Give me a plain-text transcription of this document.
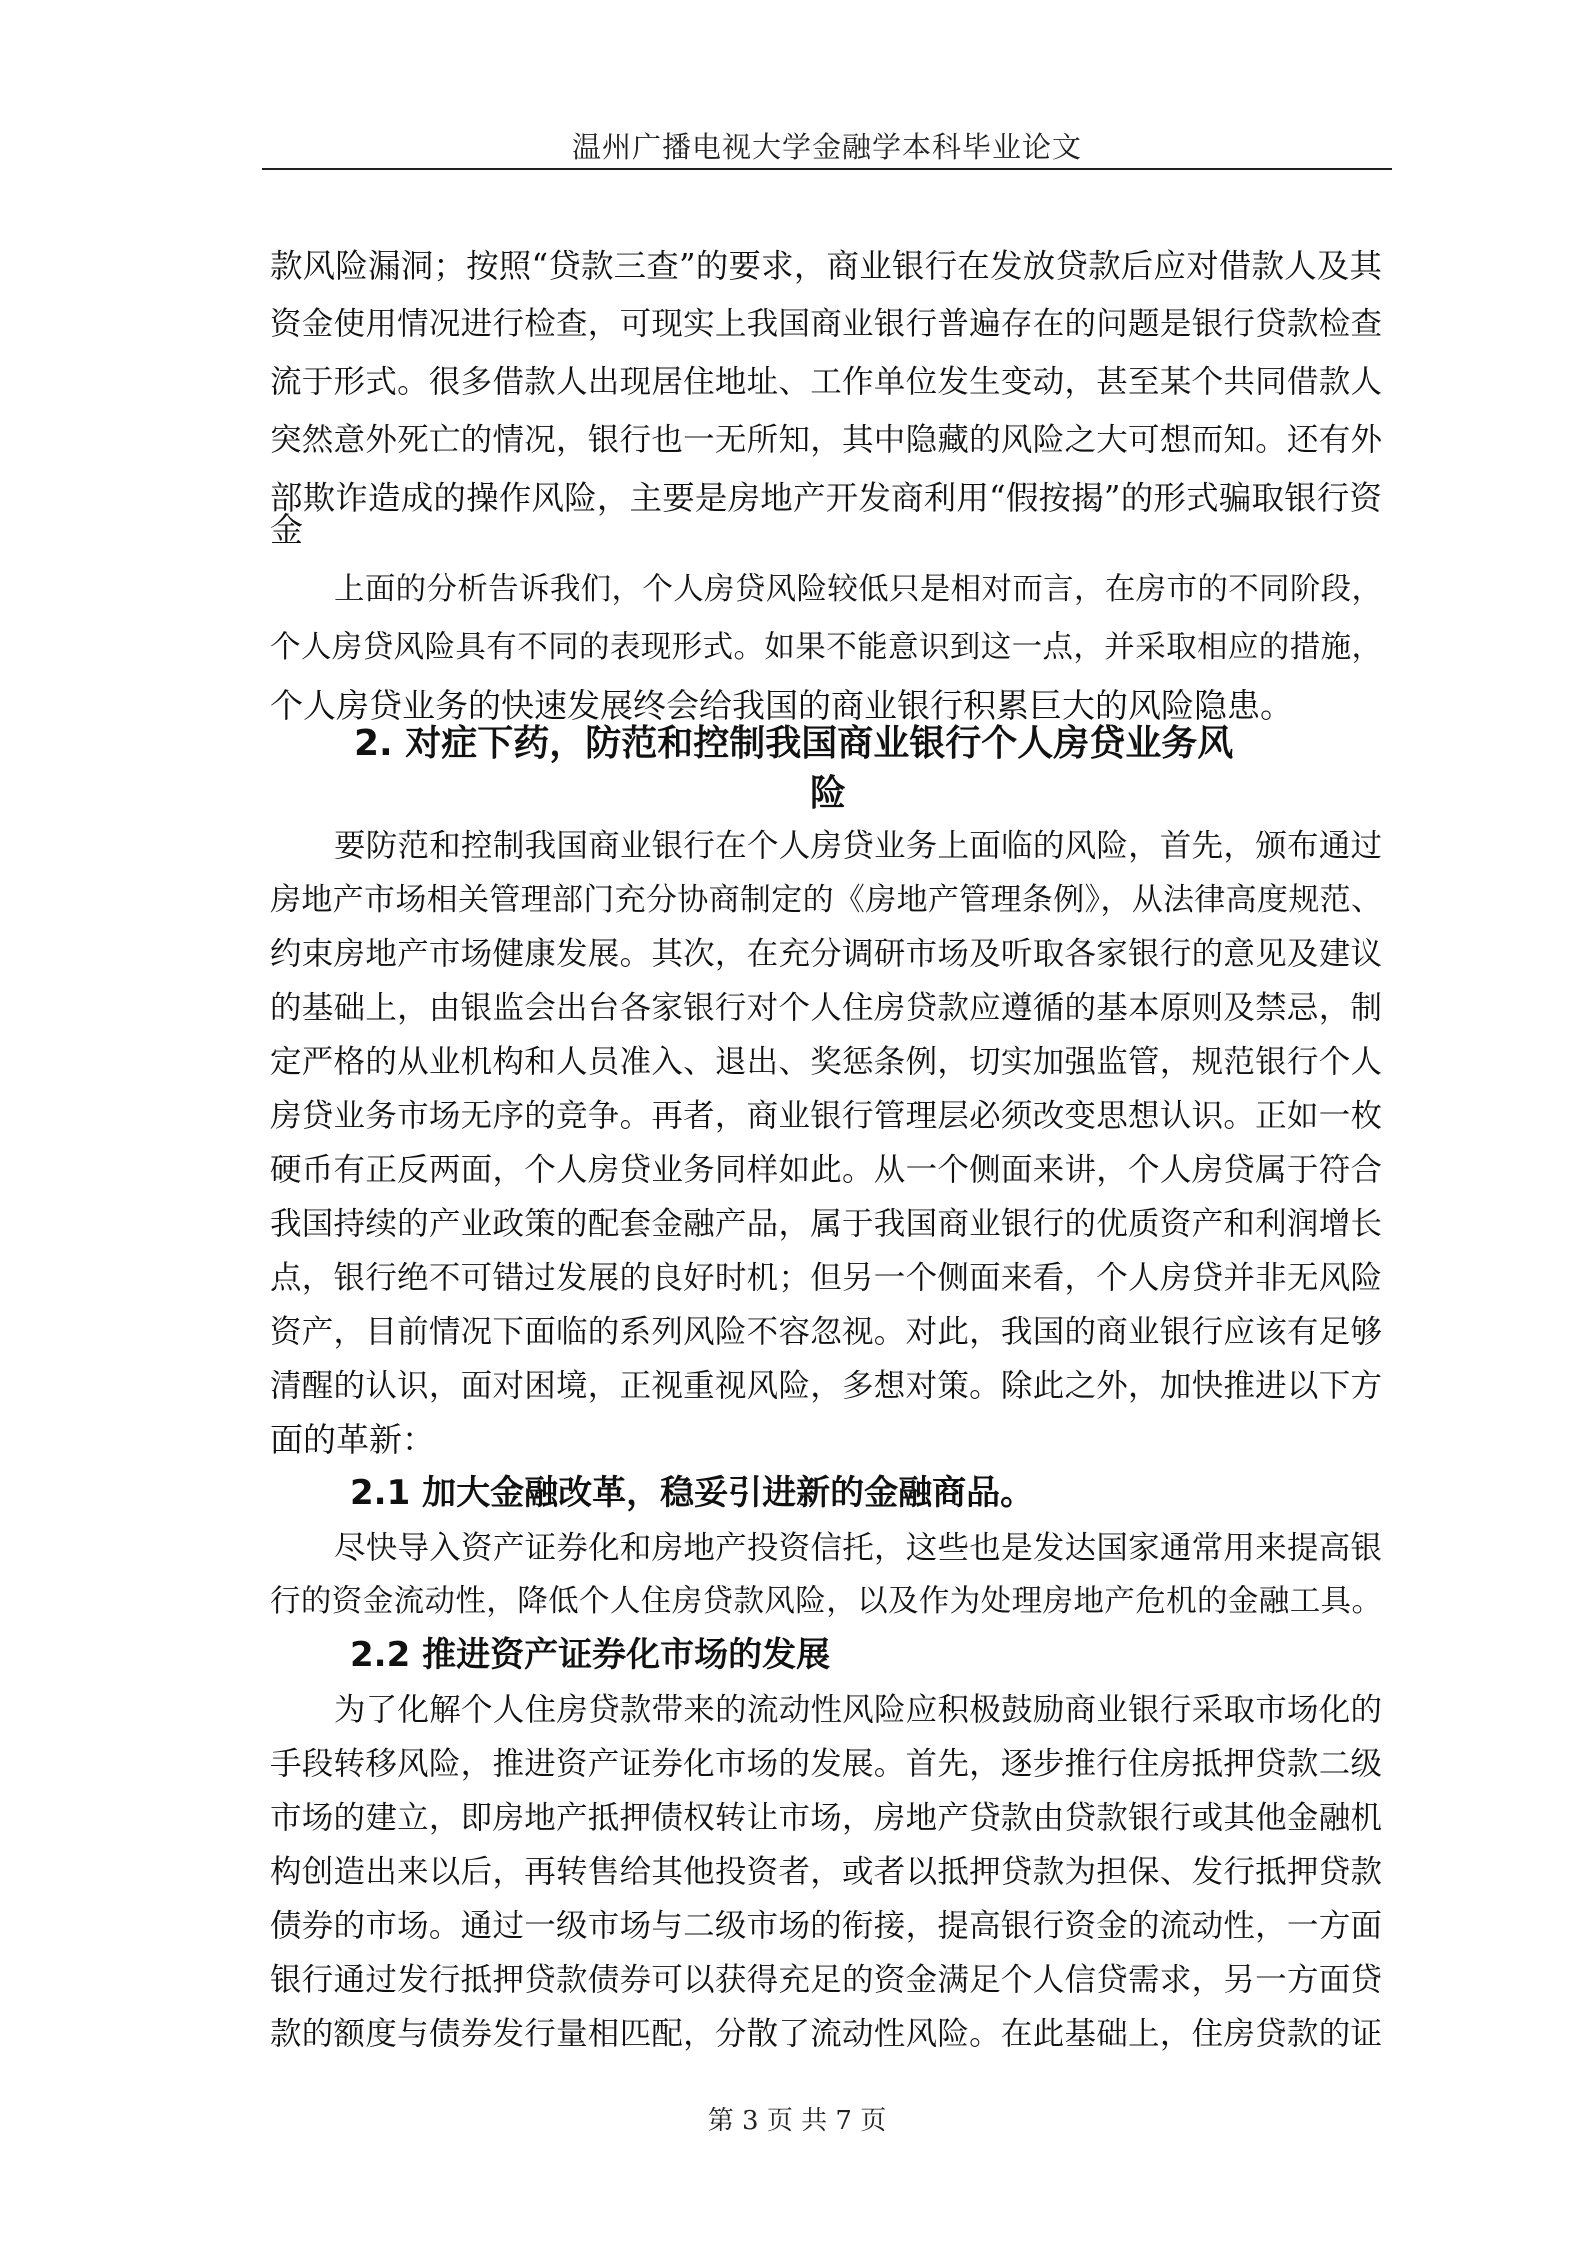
温州广播电视大学金融学本科毕业论文
款风险漏洞；按照“贷款三查”的要求，商业银行在发放贷款后应对借款人及其
资金使用情况进行检查，可现实上我国商业银行普遍存在的问题是银行贷款检查
流于形式。很多借款人出现居住地址、工作单位发生变动，甚至某个共同借款人
突然意外死亡的情况，银行也一无所知，其中隐藏的风险之大可想而知。还有外
部欺诈造成的操作风险，主要是房地产开发商利用“假按揭”的形式骗取银行资
金
上面的分析告诉我们，个人房贷风险较低只是相对而言，在房市的不同阶段，
个人房贷风险具有不同的表现形式。如果不能意识到这一点，并采取相应的措施，
个人房贷业务的快速发展终会给我国的商业银行积累巨大的风险隐患。
2. 对症下药，防范和控制我国商业银行个人房贷业务风
险
要防范和控制我国商业银行在个人房贷业务上面临的风险，首先，颁布通过
房地产市场相关管理部门充分协商制定的《房地产管理条例》，从法律高度规范、
约束房地产市场健康发展。其次，在充分调研市场及听取各家银行的意见及建议
的基础上，由银监会出台各家银行对个人住房贷款应遵循的基本原则及禁忌，制
定严格的从业机构和人员准入、退出、奖惩条例，切实加强监管，规范银行个人
房贷业务市场无序的竞争。再者，商业银行管理层必须改变思想认识。正如一枚
硬币有正反两面，个人房贷业务同样如此。从一个侧面来讲，个人房贷属于符合
我国持续的产业政策的配套金融产品，属于我国商业银行的优质资产和利润增长
点，银行绝不可错过发展的良好时机；但另一个侧面来看，个人房贷并非无风险
资产，目前情况下面临的系列风险不容忽视。对此，我国的商业银行应该有足够
清醒的认识，面对困境，正视重视风险，多想对策。除此之外，加快推进以下方
面的革新：
2.1 加大金融改革，稳妥引进新的金融商品。
尽快导入资产证券化和房地产投资信托，这些也是发达国家通常用来提高银
行的资金流动性，降低个人住房贷款风险，以及作为处理房地产危机的金融工具。
2.2 推进资产证券化市场的发展
为了化解个人住房贷款带来的流动性风险应积极鼓励商业银行采取市场化的
手段转移风险，推进资产证券化市场的发展。首先，逐步推行住房抵押贷款二级
市场的建立，即房地产抵押债权转让市场，房地产贷款由贷款银行或其他金融机
构创造出来以后，再转售给其他投资者，或者以抵押贷款为担保、发行抵押贷款
债券的市场。通过一级市场与二级市场的衔接，提高银行资金的流动性，一方面
银行通过发行抵押贷款债券可以获得充足的资金满足个人信贷需求，另一方面贷
款的额度与债券发行量相匹配，分散了流动性风险。在此基础上，住房贷款的证
第 3 页 共 7 页
